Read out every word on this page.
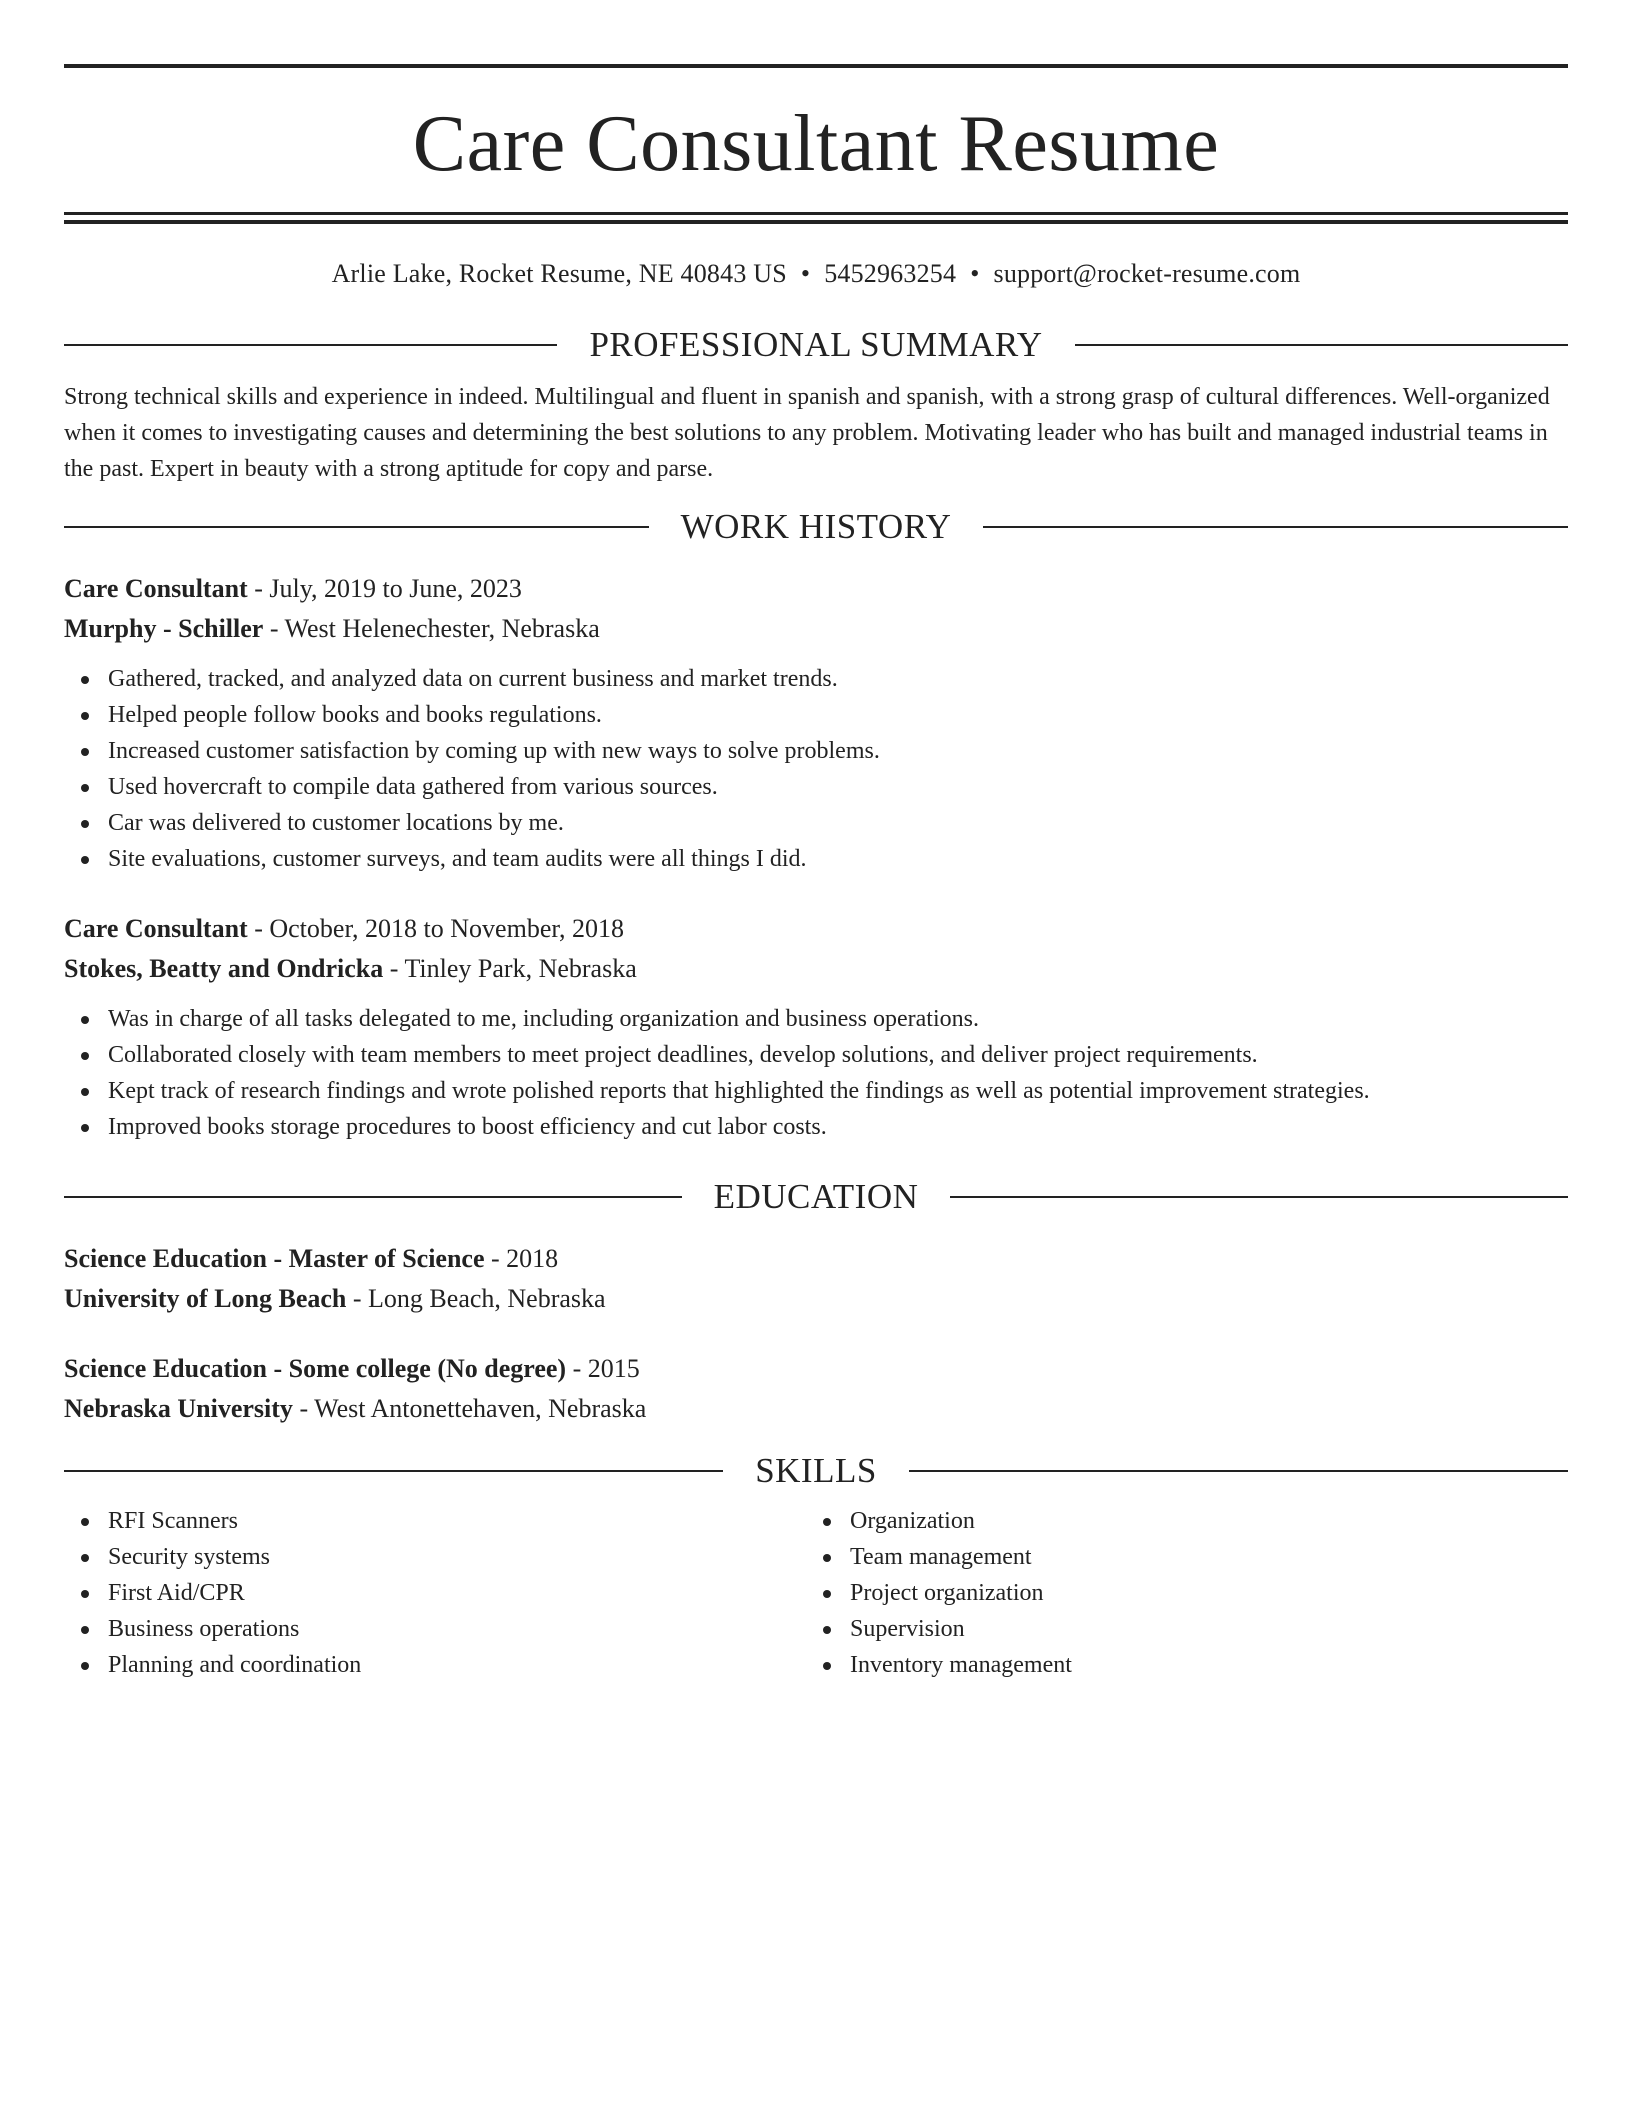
Care Consultant Resume
Arlie Lake, Rocket Resume, NE 40843 US • 5452963254 • support@rocket-resume.com
PROFESSIONAL SUMMARY

Strong technical skills and experience in indeed. Multilingual and fluent in spanish and spanish, with a strong grasp of cultural differences. Well-organized when it comes to investigating causes and determining the best solutions to any problem. Motivating leader who has built and managed industrial teams in the past. Expert in beauty with a strong aptitude for copy and parse.

WORK HISTORY
Care Consultant - July, 2019 to June, 2023
Murphy - Schiller - West Helenechester, Nebraska
Gathered, tracked, and analyzed data on current business and market trends.
Helped people follow books and books regulations.
Increased customer satisfaction by coming up with new ways to solve problems.
Used hovercraft to compile data gathered from various sources.
Car was delivered to customer locations by me.
Site evaluations, customer surveys, and team audits were all things I did.
Care Consultant - October, 2018 to November, 2018
Stokes, Beatty and Ondricka - Tinley Park, Nebraska
Was in charge of all tasks delegated to me, including organization and business operations.
Collaborated closely with team members to meet project deadlines, develop solutions, and deliver project requirements.
Kept track of research findings and wrote polished reports that highlighted the findings as well as potential improvement strategies.
Improved books storage procedures to boost efficiency and cut labor costs.
EDUCATION
Science Education - Master of Science - 2018
University of Long Beach - Long Beach, Nebraska
Science Education - Some college (No degree) - 2015
Nebraska University - West Antonettehaven, Nebraska
SKILLS
RFI Scanners
Security systems
First Aid/CPR
Business operations
Planning and coordination
Organization
Team management
Project organization
Supervision
Inventory management
